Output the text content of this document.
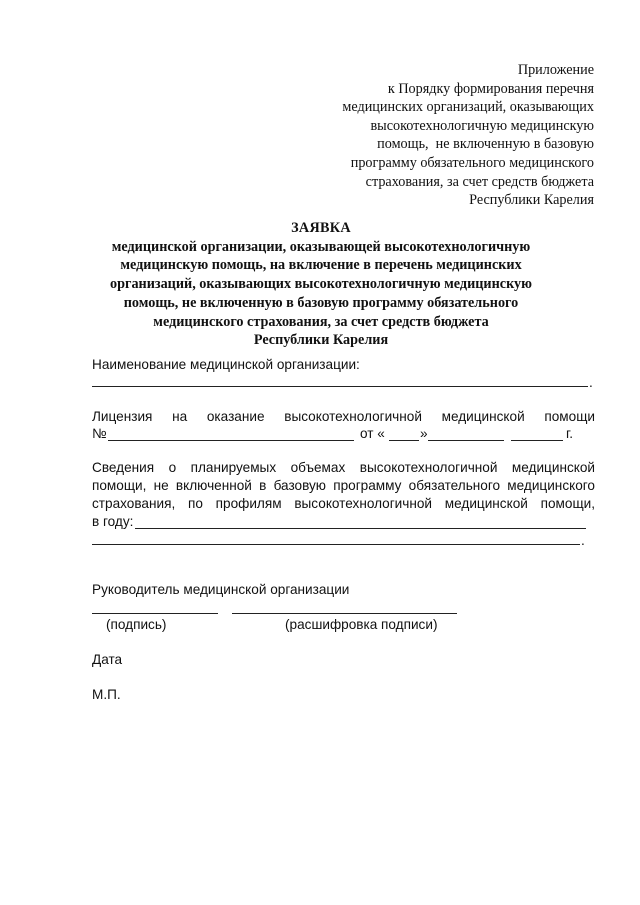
Приложение
к Порядку формирования перечня
медицинских организаций, оказывающих
высокотехнологичную медицинскую
помощь,  не включенную в базовую
программу обязательного медицинского
страхования, за счет средств бюджета
Республики Карелия
ЗАЯВКА
медицинской организации, оказывающей высокотехнологичную
медицинскую помощь, на включение в перечень медицинских
организаций, оказывающих высокотехнологичную медицинскую
помощь, не включенную в базовую программу обязательного
медицинского страхования, за счет средств бюджета
Республики Карелия
Наименование медицинской организации:
.
Лицензия на оказание высокотехнологичной медицинской помощи
№	от «	»	г.
Сведения о планируемых объемах высокотехнологичной медицинской
помощи, не включенной в базовую программу обязательного медицинского
страхования, по профилям высокотехнологичной медицинской помощи,
в году:
.
Руководитель медицинской организации
(подпись)	(расшифровка подписи)
Дата
М.П.
